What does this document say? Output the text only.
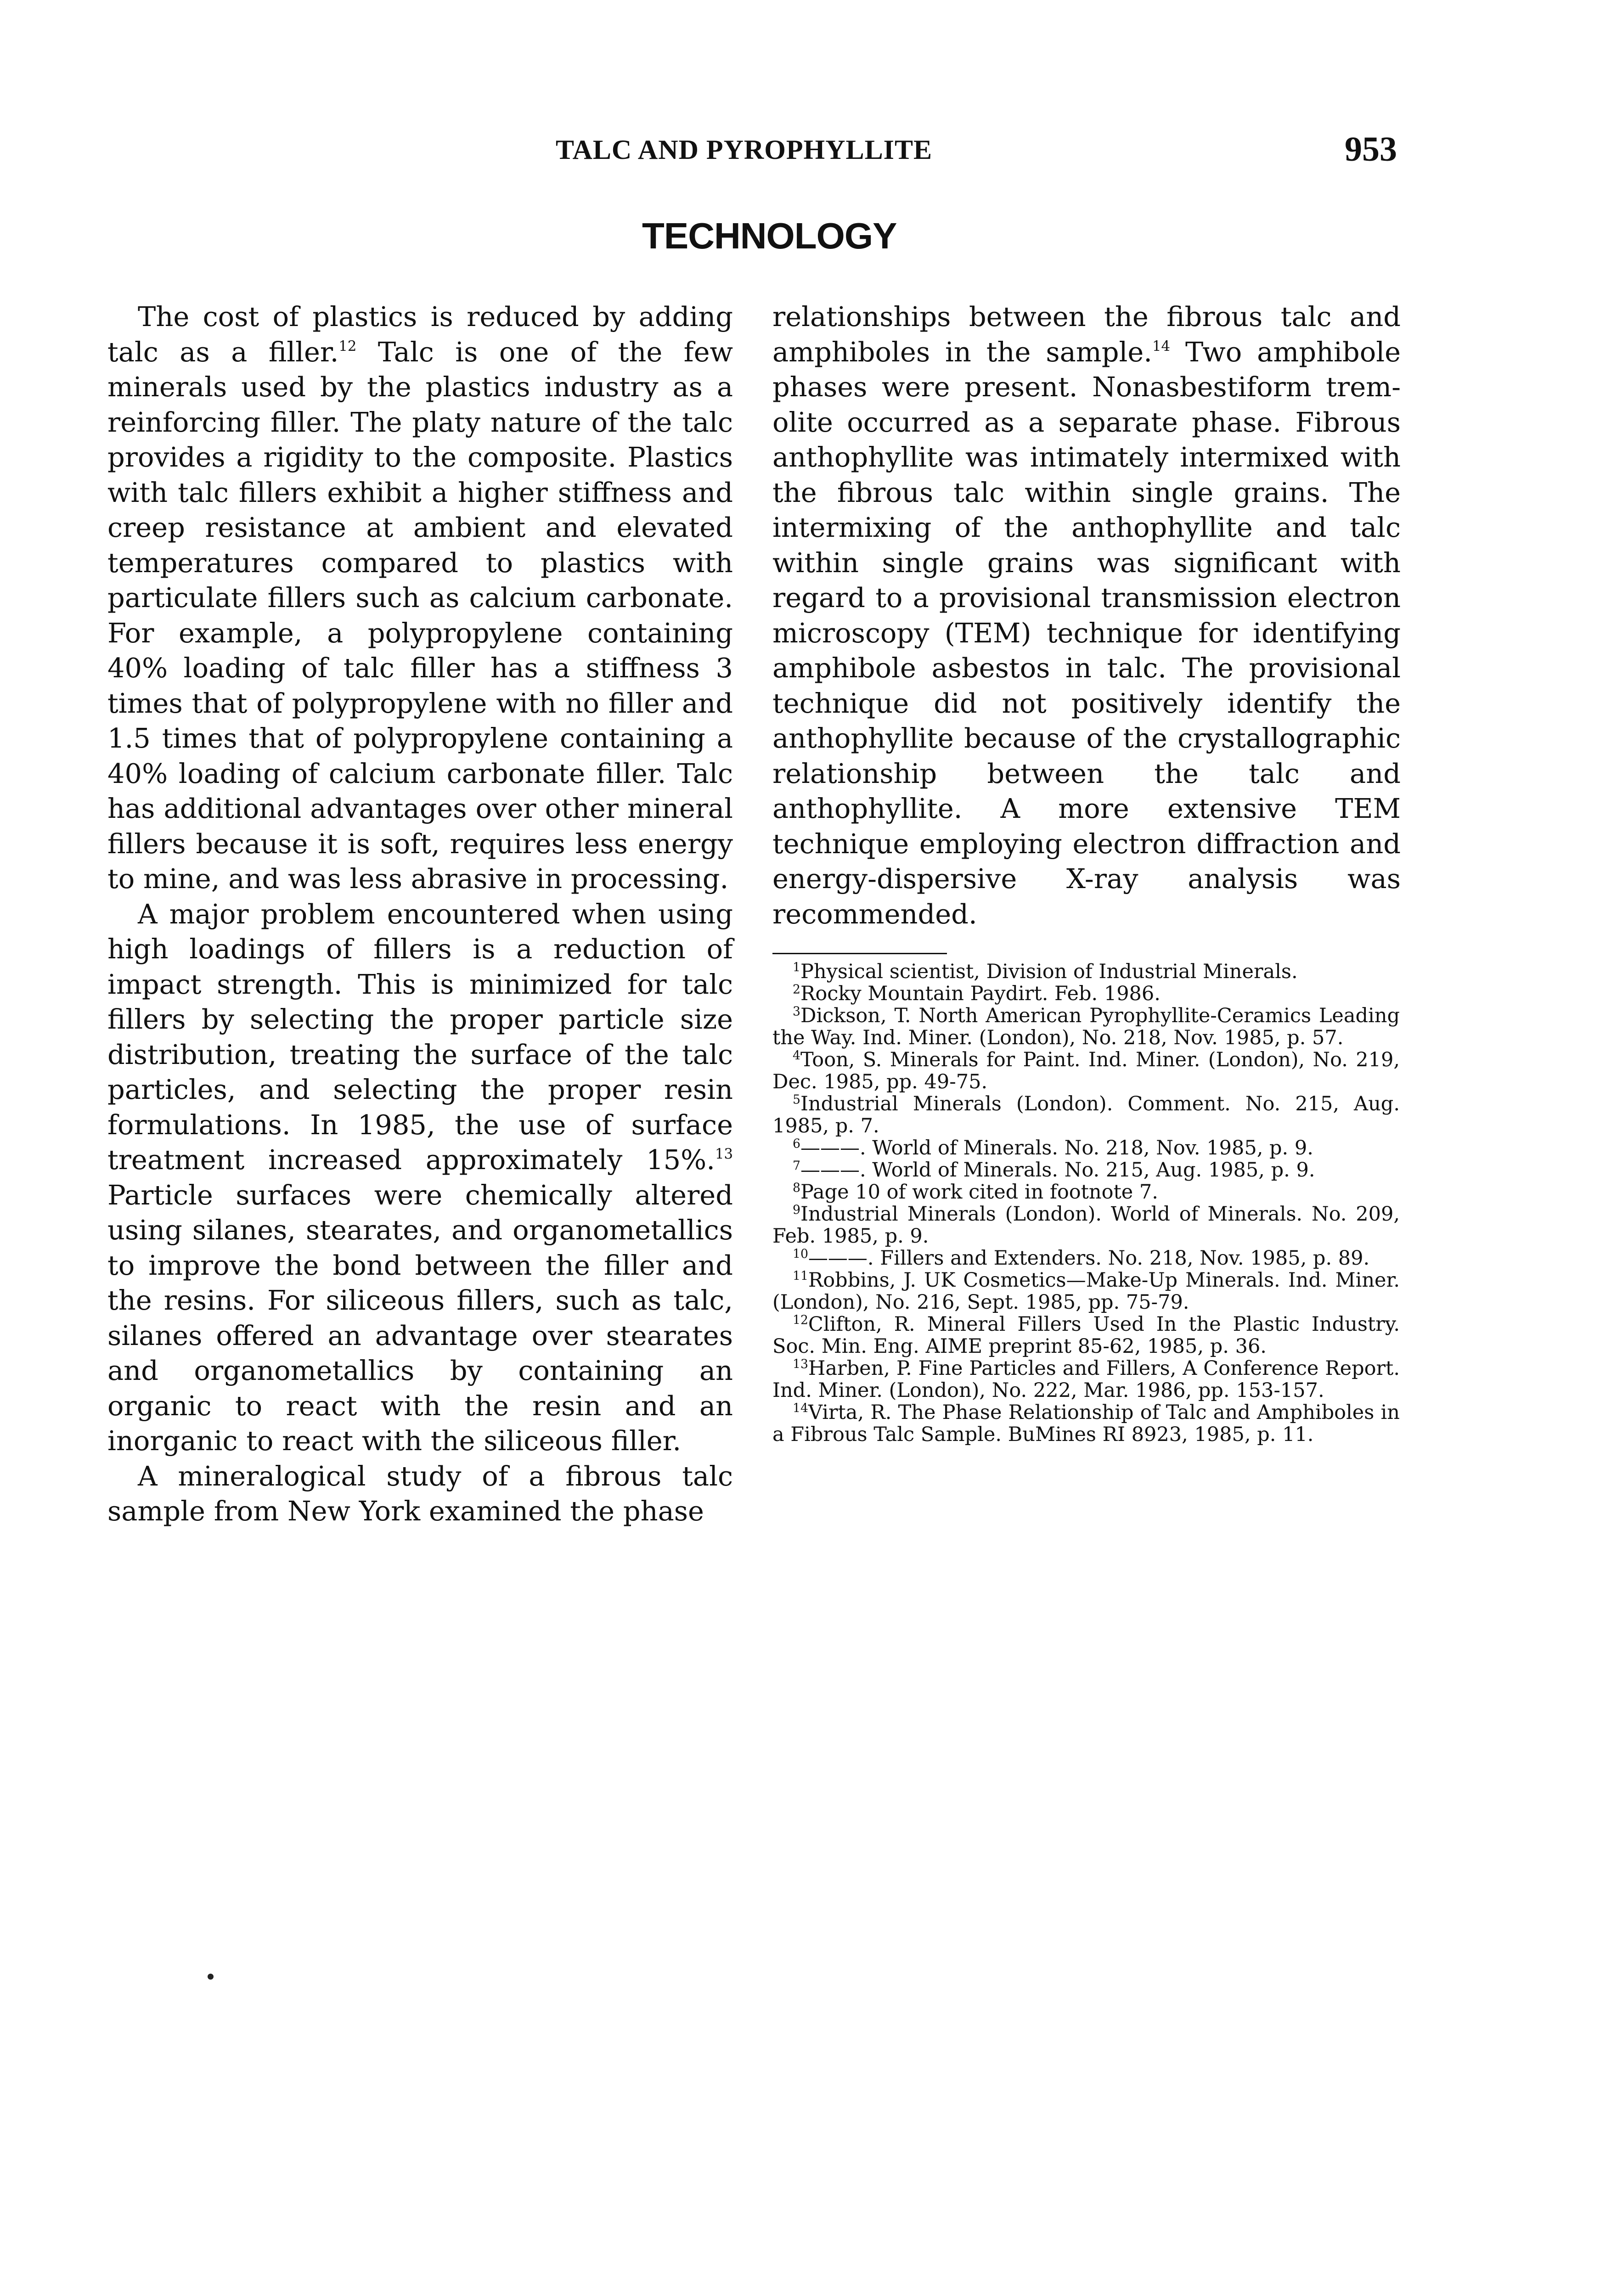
TALC AND PYROPHYLLITE	953
TECHNOLOGY

The cost of plastics is reduced by adding talc as a filler.$^{12}$ Talc is one of the few minerals used by the plastics industry as a reinforcing filler. The platy nature of the talc provides a rigidity to the composite. Plastics with talc fillers exhibit a higher stiffness and creep resistance at ambient and elevated temperatures compared to plastics with particulate fillers such as calcium carbonate. For example, a polypropylene containing 40% loading of talc filler has a stiffness 3 times that of polypropylene with no filler and 1.5 times that of polypropylene containing a 40% loading of calcium carbonate filler. Talc has additional advantages over other mineral fillers because it is soft, requires less energy to mine, and was less abrasive in processing.

A major problem encountered when using high loadings of fillers is a reduction of impact strength. This is minimized for talc fillers by selecting the proper particle size distribution, treating the surface of the talc particles, and selecting the proper resin formulations. In 1985, the use of surface treatment increased approximately 15%.$^{13}$ Particle surfaces were chemically altered using silanes, stearates, and organometallics to improve the bond between the filler and the resins. For siliceous fillers, such as talc, silanes offered an advantage over stearates and organometallics by containing an organic to react with the resin and an inorganic to react with the siliceous filler.

A mineralogical study of a fibrous talc sample from New York examined the phase

relationships between the fibrous talc and amphiboles in the sample.$^{14}$ Two amphibole phases were present. Nonasbestiform tremolite occurred as a separate phase. Fibrous anthophyllite was intimately intermixed with the fibrous talc within single grains. The intermixing of the anthophyllite and talc within single grains was significant with regard to a provisional transmission electron microscopy (TEM) technique for identifying amphibole asbestos in talc. The provisional technique did not positively identify the anthophyllite because of the crystallographic relationship between the talc and anthophyllite. A more extensive TEM technique employing electron diffraction and energy-dispersive X-ray analysis was recommended.

$^1$Physical scientist, Division of Industrial Minerals.

$^2$Rocky Mountain Paydirt. Feb. 1986.

$^3$Dickson, T. North American Pyrophyllite-Ceramics Leading the Way. Ind. Miner. (London), No. 218, Nov. 1985, p. 57.

$^4$Toon, S. Minerals for Paint. Ind. Miner. (London), No. 219, Dec. 1985, pp. 49-75.

$^5$Industrial Minerals (London). Comment. No. 215, Aug. 1985, p. 7.

$^6$———. World of Minerals. No. 218, Nov. 1985, p. 9.

$^7$———. World of Minerals. No. 215, Aug. 1985, p. 9.

$^8$Page 10 of work cited in footnote 7.

$^9$Industrial Minerals (London). World of Minerals. No. 209, Feb. 1985, p. 9.

$^{10}$———. Fillers and Extenders. No. 218, Nov. 1985, p. 89.

$^{11}$Robbins, J. UK Cosmetics—Make-Up Minerals. Ind. Miner. (London), No. 216, Sept. 1985, pp. 75-79.

$^{12}$Clifton, R. Mineral Fillers Used In the Plastic Industry. Soc. Min. Eng. AIME preprint 85-62, 1985, p. 36.

$^{13}$Harben, P. Fine Particles and Fillers, A Conference Report. Ind. Miner. (London), No. 222, Mar. 1986, pp. 153-157.

$^{14}$Virta, R. The Phase Relationship of Talc and Amphiboles in a Fibrous Talc Sample. BuMines RI 8923, 1985, p. 11.
